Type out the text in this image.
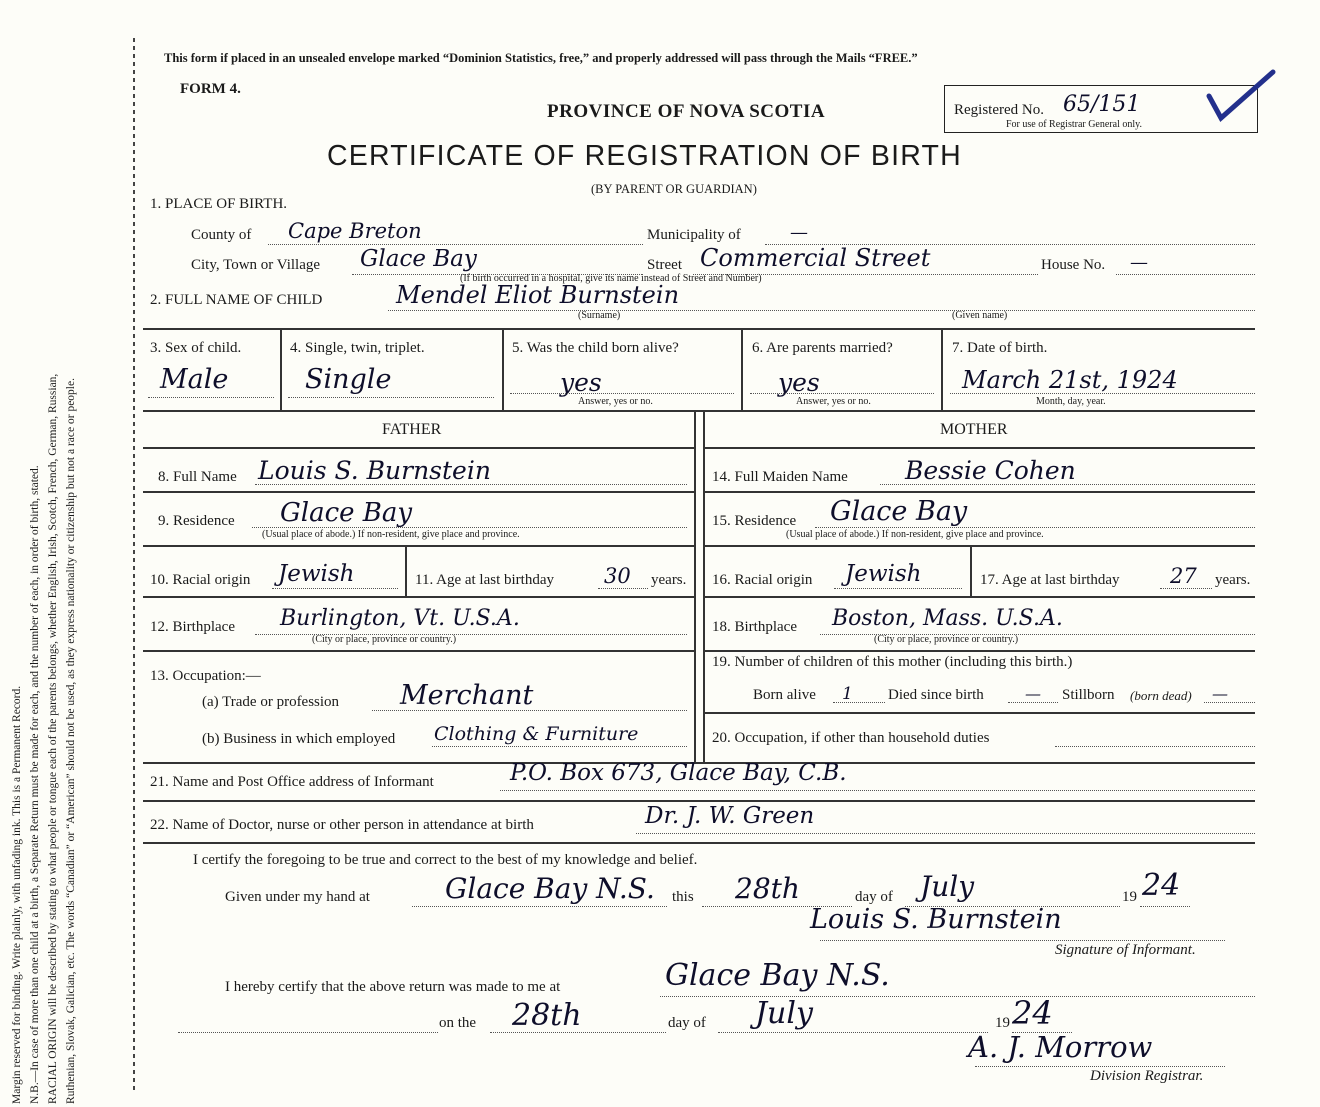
Margin reserved for binding. Write plainly, with unfading ink. This is a Permanent Record. N.B.—In case of more than one child at a birth, a Separate Return must be made for each, and the number of each, in order of birth, stated. RACIAL ORIGIN will be described by stating to what people or tongue each of the parents belongs, whether English, Irish, Scotch, French, German, Russian, Ruthenian, Slovak, Galician, etc. The words “Canadian” or “American” should not be used, as they express nationality or citizenship but not a race or people.
This form if placed in an unsealed envelope marked “Dominion Statistics, free,” and properly addressed will pass through the Mails “FREE.”
FORM 4.
PROVINCE OF NOVA SCOTIA
CERTIFICATE OF REGISTRATION OF BIRTH
(BY PARENT OR GUARDIAN)
Registered No. 65/151
For use of Registrar General only.
1. PLACE OF BIRTH.
County of Cape Breton	Municipality of	—
City, Town or Village Glace Bay	Street Commercial Street	House No. —
(If birth occurred in a hospital, give its name instead of Street and Number)
2. FULL NAME OF CHILD	Mendel Eliot Burnstein
(Surname)	(Given name)
3. Sex of child.
Male
4. Single, twin, triplet.
Single
5. Was the child born alive?
yes
Answer, yes or no.
6. Are parents married?
yes
Answer, yes or no.
7. Date of birth.
March 21st, 1924
Month, day, year.
FATHER	MOTHER
8. Full Name Louis S. Burnstein
9. Residence Glace Bay
(Usual place of abode.) If non-resident, give place and province.
10. Racial origin Jewish	11. Age at last birthday 30 years.
12. Birthplace Burlington, Vt. U.S.A.
(City or place, province or country.)
13. Occupation:—
(a) Trade or profession Merchant
(b) Business in which employed Clothing & Furniture
14. Full Maiden Name Bessie Cohen
15. Residence Glace Bay
(Usual place of abode.) If non-resident, give place and province.
16. Racial origin Jewish	17. Age at last birthday 27 years.
18. Birthplace Boston, Mass. U.S.A.
(City or place, province or country.)
19. Number of children of this mother (including this birth.)
Born alive 1 Died since birth	— Stillborn (born dead) —
20. Occupation, if other than household duties
21. Name and Post Office address of Informant	P.O. Box 673, Glace Bay, C.B.
22. Name of Doctor, nurse or other person in attendance at birth	Dr. J. W. Green
I certify the foregoing to be true and correct to the best of my knowledge and belief.
Given under my hand at	Glace Bay N.S. this 28th	day of July	19 24
Louis S. Burnstein
Signature of Informant.
I hereby certify that the above return was made to me at	Glace Bay N.S.
on the 28th	day of July	19 24
A. J. Morrow
Division Registrar.
